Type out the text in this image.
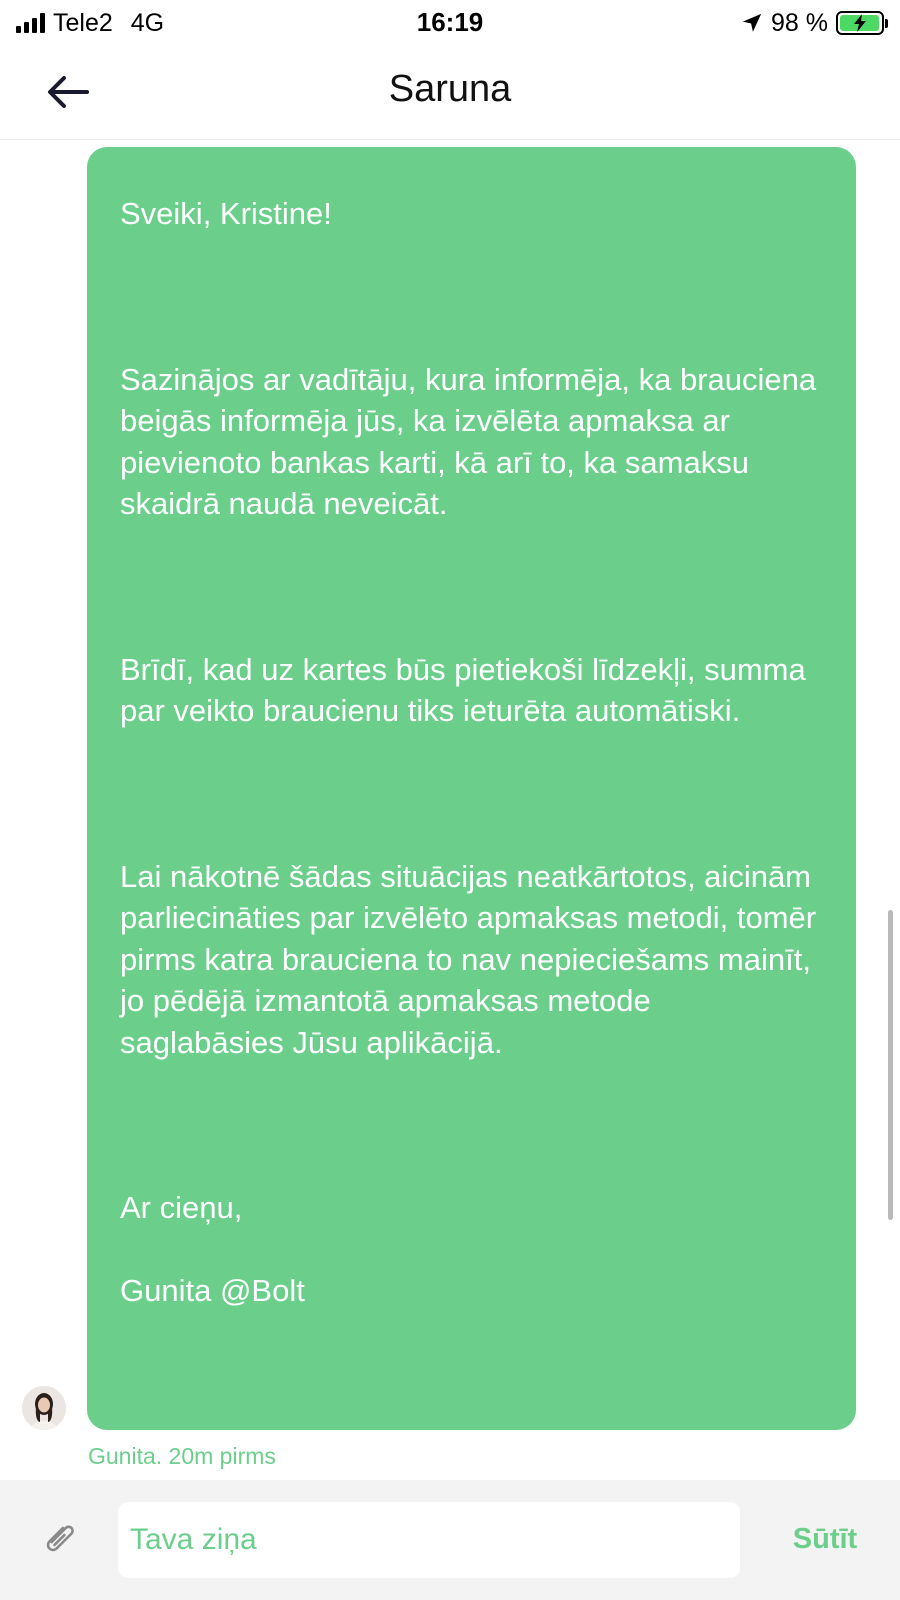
Tele2 4G	16:19	98 %
Saruna

Sveiki, Kristine!

Sazinājos ar vadītāju, kura informēja, ka brauciena beigās informēja jūs, ka izvēlēta apmaksa ar pievienoto bankas karti, kā arī to, ka samaksu skaidrā naudā neveicāt.

Brīdī, kad uz kartes būs pietiekoši līdzekļi, summa par veikto braucienu tiks ieturēta automātiski.

Lai nākotnē šādas situācijas neatkārtotos, aicinām parliecināties par izvēlēto apmaksas metodi, tomēr pirms katra brauciena to nav nepieciešams mainīt, jo pēdējā izmantotā apmaksas metode saglabāsies Jūsu aplikācijā.

Ar cieņu,

Gunita @Bolt

Gunita. 20m pirms
Tava ziņa
Sūtīt
